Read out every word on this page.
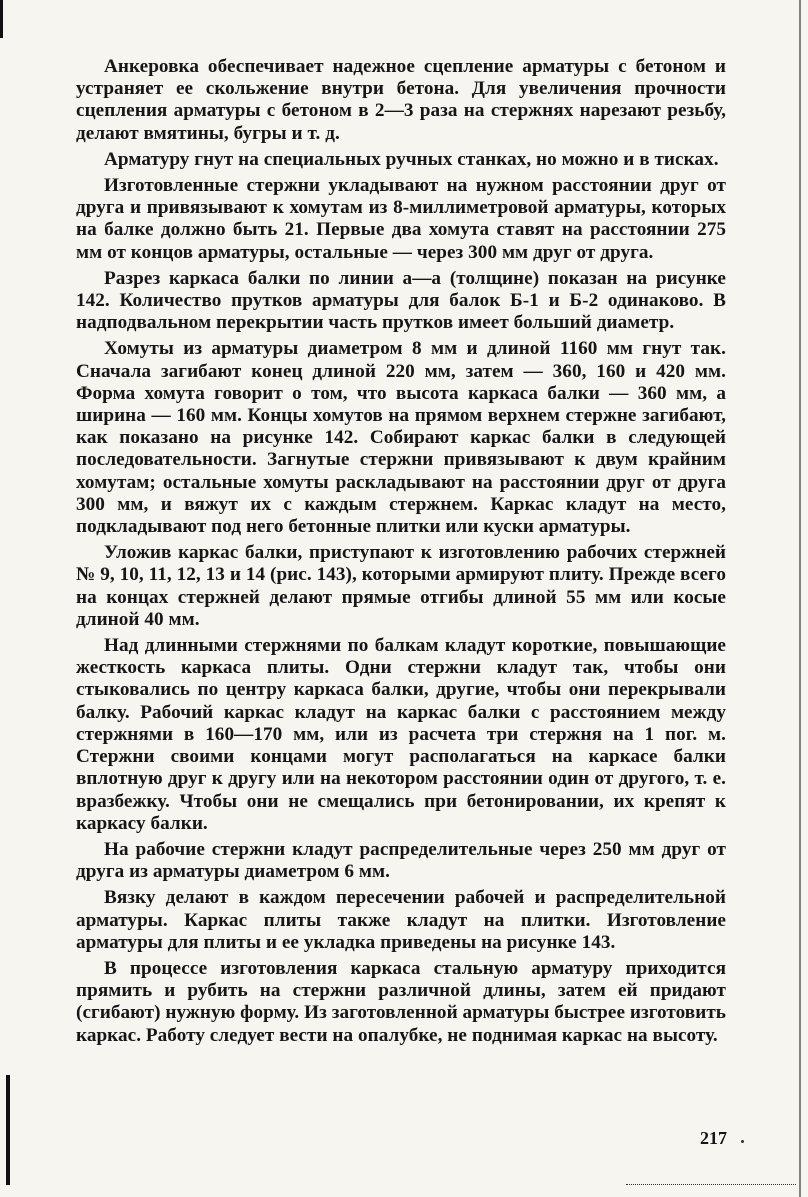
Анкеровка обеспечивает надежное сцепление арматуры с бетоном и устраняет ее скольжение внутри бетона. Для увеличения прочности сцепления арматуры с бетоном в 2—3 раза на стержнях нарезают резьбу, делают вмятины, бугры и т. д.

Арматуру гнут на специальных ручных станках, но можно и в тисках.

Изготовленные стержни укладывают на нужном расстоянии друг от друга и привязывают к хомутам из 8-миллиметровой арматуры, которых на балке должно быть 21. Первые два хомута ставят на расстоянии 275 мм от концов арматуры, остальные — через 300 мм друг от друга.

Разрез каркаса балки по линии а—а (толщине) показан на рисунке 142. Количество прутков арматуры для балок Б-1 и Б-2 одинаково. В надподвальном перекрытии часть прутков имеет больший диаметр.

Хомуты из арматуры диаметром 8 мм и длиной 1160 мм гнут так. Сначала загибают конец длиной 220 мм, затем — 360, 160 и 420 мм. Форма хомута говорит о том, что высота каркаса балки — 360 мм, а ширина — 160 мм. Концы хомутов на прямом верхнем стержне загибают, как показано на рисунке 142. Собирают каркас балки в следующей последовательности. Загнутые стержни привязывают к двум крайним хомутам; остальные хомуты раскладывают на расстоянии друг от друга 300 мм, и вяжут их с каждым стержнем. Каркас кладут на место, подкладывают под него бетонные плитки или куски арматуры.

Уложив каркас балки, приступают к изготовлению рабочих стержней № 9, 10, 11, 12, 13 и 14 (рис. 143), которыми армируют плиту. Прежде всего на концах стержней делают прямые отгибы длиной 55 мм или косые длиной 40 мм.

Над длинными стержнями по балкам кладут короткие, повышающие жесткость каркаса плиты. Одни стержни кладут так, чтобы они стыковались по центру каркаса балки, другие, чтобы они перекрывали балку. Рабочий каркас кладут на каркас балки с расстоянием между стержнями в 160—170 мм, или из расчета три стержня на 1 пог. м. Стержни своими концами могут располагаться на каркасе балки вплотную друг к другу или на некотором расстоянии один от другого, т. е. вразбежку. Чтобы они не смещались при бетонировании, их крепят к каркасу балки.

На рабочие стержни кладут распределительные через 250 мм друг от друга из арматуры диаметром 6 мм.

Вязку делают в каждом пересечении рабочей и распределительной арматуры. Каркас плиты также кладут на плитки. Изготовление арматуры для плиты и ее укладка приведены на рисунке 143.

В процессе изготовления каркаса стальную арматуру приходится прямить и рубить на стержни различной длины, затем ей придают (сгибают) нужную форму. Из заготовленной арматуры быстрее изготовить каркас. Работу следует вести на опалубке, не поднимая каркас на высоту.

217
